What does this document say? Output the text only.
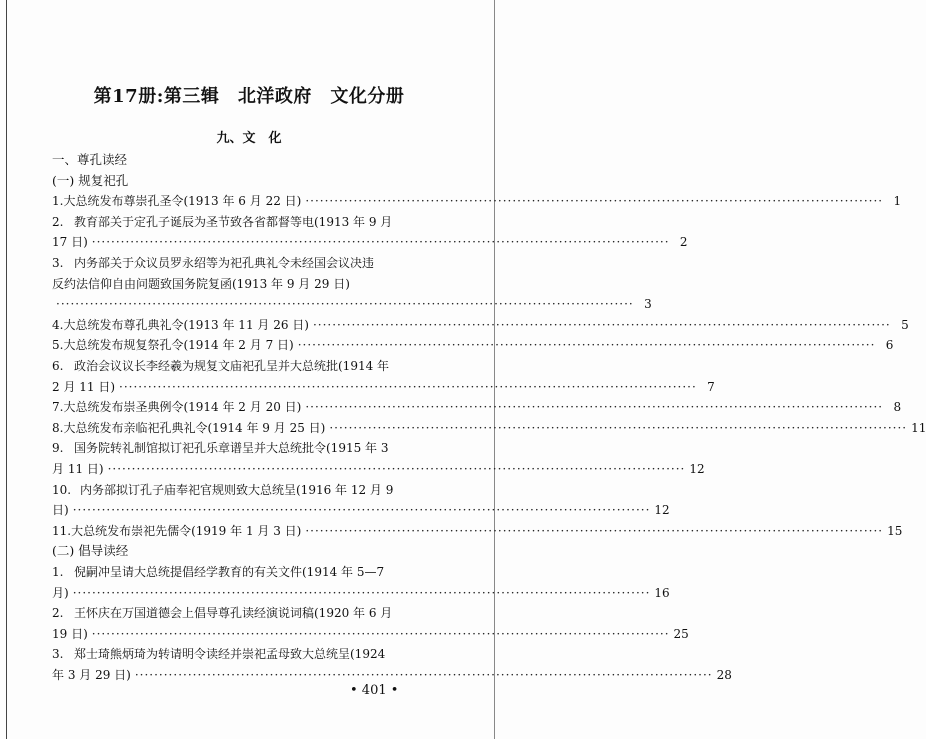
第17册:第三辑　北洋政府　文化分册
九、文　化
一、尊孔读经
(一) 规复祀孔
1. 大总统发布尊崇孔圣令(1913 年 6 月 22 日) ························································································································ 1
2. 教育部关于定孔子诞辰为圣节致各省都督等电(1913 年 9 月
17 日) ························································································································ 2
3. 内务部关于众议员罗永绍等为祀孔典礼令未经国会议决违
反约法信仰自由问题致国务院复函(1913 年 9 月 29 日)
························································································································ 3
4. 大总统发布尊孔典礼令(1913 年 11 月 26 日) ························································································································ 5
5. 大总统发布规复祭孔令(1914 年 2 月 7 日) ························································································································ 6
6. 政治会议议长李经羲为规复文庙祀孔呈并大总统批(1914 年
2 月 11 日) ························································································································ 7
7. 大总统发布崇圣典例令(1914 年 2 月 20 日) ························································································································ 8
8. 大总统发布亲临祀孔典礼令(1914 年 9 月 25 日) ························································································································ 11
9. 国务院转礼制馆拟订祀孔乐章谱呈并大总统批令(1915 年 3
月 11 日) ························································································································ 12
10. 内务部拟订孔子庙奉祀官规则致大总统呈(1916 年 12 月 9
日) ························································································································ 12
11. 大总统发布崇祀先儒令(1919 年 1 月 3 日) ························································································································ 15
(二) 倡导读经
1. 倪嗣冲呈请大总统提倡经学教育的有关文件(1914 年 5—7
月) ························································································································ 16
2. 王怀庆在万国道德会上倡导尊孔读经演说词稿(1920 年 6 月
19 日) ························································································································ 25
3. 郑士琦熊炳琦为转请明令读经并崇祀孟母致大总统呈(1924
年 3 月 29 日) ························································································································ 28
• 401 •
